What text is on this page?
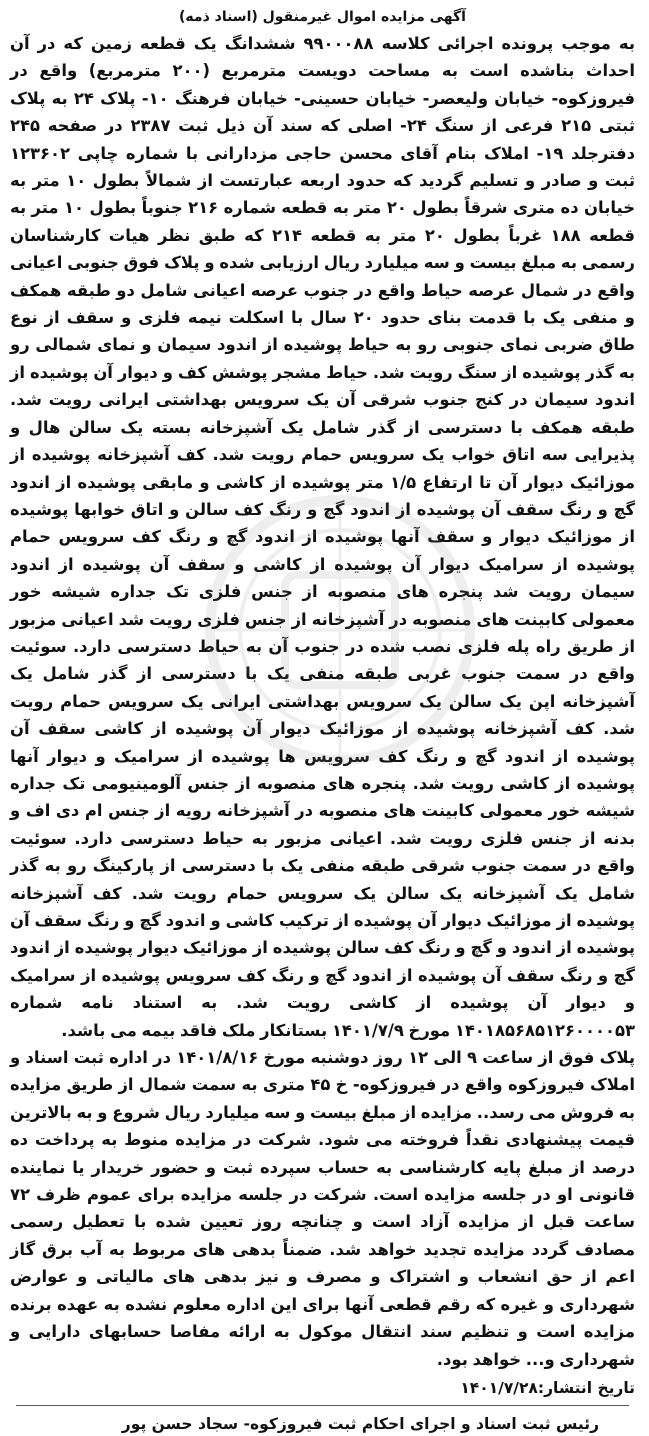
آگهی مزایده اموال غیرمنقول (اسناد ذمه)

به موجب پرونده اجرائی کلاسه ۹۹۰۰۰۸۸ ششدانگ یک قطعه زمین که در آن احداث بناشده است به مساحت دویست مترمربع (۲۰۰ مترمربع) واقع در فیروزکوه- خیابان ولیعصر- خیابان حسینی- خیابان فرهنگ ۱۰- پلاک ۲۴ به پلاک ثبتی ۲۱۵ فرعی از سنگ ۲۴- اصلی که سند آن ذیل ثبت ۲۳۸۷ در صفحه ۲۴۵ دفترجلد ۱۹- املاک بنام آقای محسن حاجی مزدارانی با شماره چاپی ۱۲۳۶۰۲ ثبت و صادر و تسلیم گردید که حدود اربعه عبارتست از شمالاً بطول ۱۰ متر به خیابان ده متری شرقاً بطول ۲۰ متر به قطعه شماره ۲۱۶ جنوباً بطول ۱۰ متر به قطعه ۱۸۸ غرباً بطول ۲۰ متر به قطعه ۲۱۴ که طبق نظر هیات کارشناسان رسمی به مبلغ بیست و سه میلیارد ریال ارزیابی شده و پلاک فوق جنوبی اعیانی واقع در شمال عرصه حیاط واقع در جنوب عرصه اعیانی شامل دو طبقه همکف و منفی یک با قدمت بنای حدود ۲۰ سال با اسکلت نیمه فلزی و سقف از نوع طاق ضربی نمای جنوبی رو به حیاط پوشیده از اندود سیمان و نمای شمالی رو به گذر پوشیده از سنگ رویت شد. حیاط مشجر پوشش کف و دیوار آن پوشیده از اندود سیمان در کنج جنوب شرقی آن یک سرویس بهداشتی ایرانی رویت شد. طبقه همکف با دسترسی از گذر شامل یک آشپزخانه بسته یک سالن هال و پذیرایی سه اتاق خواب یک سرویس حمام رویت شد. کف آشپزخانه پوشیده از موزائیک دیوار آن تا ارتفاع ۱/۵ متر پوشیده از کاشی و مابقی پوشیده از اندود گچ و رنگ سقف آن پوشیده از اندود گچ و رنگ کف سالن و اتاق خوابها پوشیده از موزائیک دیوار و سقف آنها پوشیده از اندود گچ و رنگ کف سرویس حمام پوشیده از سرامیک دیوار آن پوشیده از کاشی و سقف آن پوشیده از اندود سیمان رویت شد پنجره های منصوبه از جنس فلزی تک جداره شیشه خور معمولی کابینت های منصوبه در آشپزخانه از جنس فلزی رویت شد اعیانی مزبور از طریق راه پله فلزی نصب شده در جنوب آن به حیاط دسترسی دارد. سوئیت واقع در سمت جنوب غربی طبقه منفی یک با دسترسی از گذر شامل یک آشپزخانه اپن یک سالن یک سرویس بهداشتی ایرانی یک سرویس حمام رویت شد. کف آشپزخانه پوشیده از موزائیک دیوار آن پوشیده از کاشی سقف آن پوشیده از اندود گچ و رنگ کف سرویس ها پوشیده از سرامیک و دیوار آنها پوشیده از کاشی رویت شد. پنجره های منصوبه از جنس آلومینیومی تک جداره شیشه خور معمولی کابینت های منصوبه در آشپزخانه رویه از جنس ام دی اف و بدنه از جنس فلزی رویت شد. اعیانی مزبور به حیاط دسترسی دارد. سوئیت واقع در سمت جنوب شرقی طبقه منفی یک با دسترسی از پارکینگ رو به گذر شامل یک آشپزخانه یک سالن یک سرویس حمام رویت شد. کف آشپزخانه پوشیده از موزائیک دیوار آن پوشیده از ترکیب کاشی و اندود گچ و رنگ سقف آن پوشیده از اندود و گچ و رنگ کف سالن پوشیده از موزائیک دیوار پوشیده از اندود گچ و رنگ سقف آن پوشیده از اندود گچ و رنگ کف سرویس پوشیده از سرامیک و دیوار آن پوشیده از کاشی رویت شد. به استناد نامه شماره ۱۴۰۱۸۵۶۸۵۱۲۶۰۰۰۰۵۳ مورخ ۱۴۰۱/۷/۹ بستانکار ملک فاقد بیمه می باشد.

پلاک فوق از ساعت ۹ الی ۱۲ روز دوشنبه مورخ ۱۴۰۱/۸/۱۶ در اداره ثبت اسناد و املاک فیروزکوه واقع در فیروزکوه- خ ۴۵ متری به سمت شمال از طریق مزایده به فروش می رسد.. مزایده از مبلغ بیست و سه میلیارد ریال شروع و به بالاترین قیمت پیشنهادی نقداً فروخته می شود. شرکت در مزایده منوط به پرداخت ده درصد از مبلغ پایه کارشناسی به حساب سپرده ثبت و حضور خریدار یا نماینده قانونی او در جلسه مزایده است. شرکت در جلسه مزایده برای عموم ظرف ۷۲ ساعت قبل از مزایده آزاد است و چنانچه روز تعیین شده با تعطیل رسمی مصادف گردد مزایده تجدید خواهد شد. ضمناً بدهی های مربوط به آب برق گاز اعم از حق انشعاب و اشتراک و مصرف و نیز بدهی های مالیاتی و عوارض شهرداری و غیره که رقم قطعی آنها برای این اداره معلوم نشده به عهده برنده مزایده است و تنظیم سند انتقال موکول به ارائه مفاصا حسابهای دارایی و شهرداری و... خواهد بود.

تاریخ انتشار:۱۴۰۱/۷/۲۸
رئیس ثبت اسناد و اجرای احکام ثبت فیروزکوه- سجاد حسن پور
